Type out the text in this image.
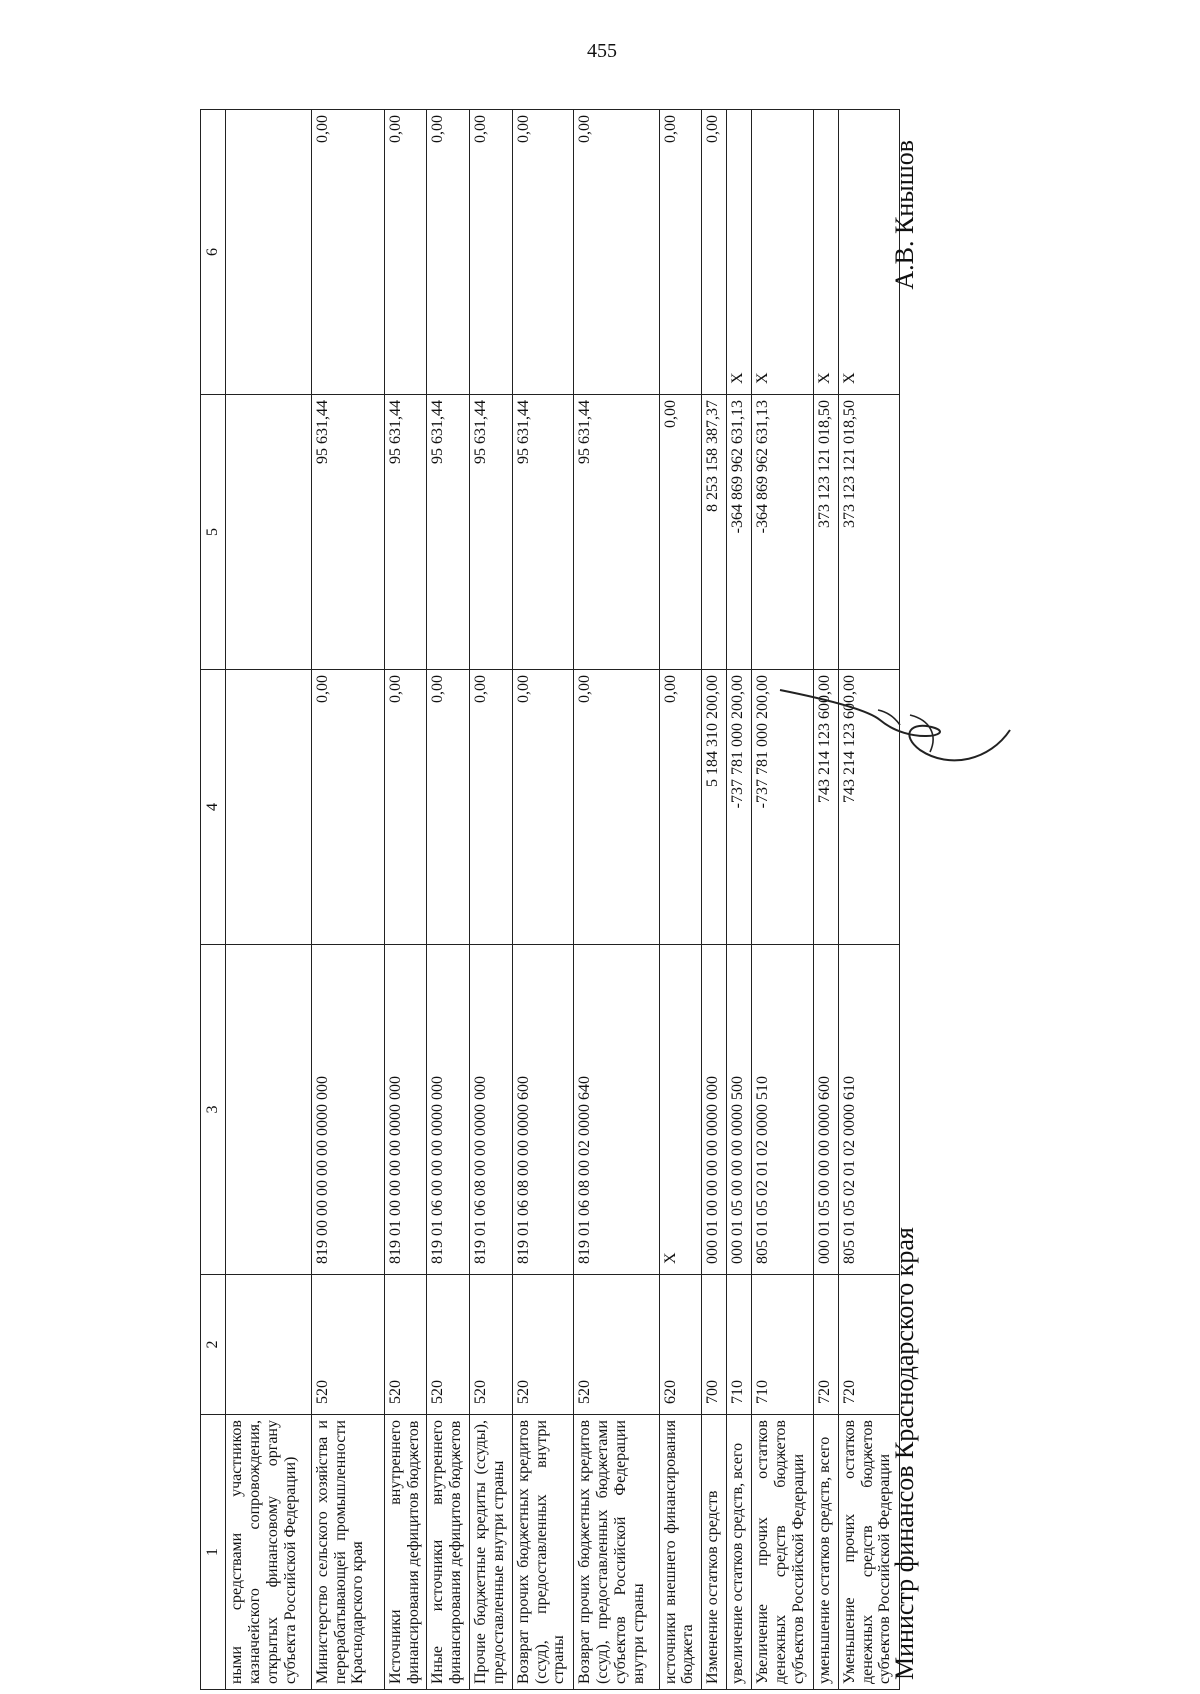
455
1	2	3	4	5	6
ными средствами участников казначейского сопровождения, открытых финансовому органу субъекта Российской Федерации)					
Министерство сельского хозяйства и перерабатывающей промышленности Краснодарского края	520	819 00 00 00 00 00 0000 000	0,00	95 631,44	0,00
Источники внутреннего финансирования дефицитов бюджетов	520	819 01 00 00 00 00 0000 000	0,00	95 631,44	0,00
Иные источники внутреннего финансирования дефицитов бюджетов	520	819 01 06 00 00 00 0000 000	0,00	95 631,44	0,00
Прочие бюджетные кредиты (ссуды), предоставленные внутри страны	520	819 01 06 08 00 00 0000 000	0,00	95 631,44	0,00
Возврат прочих бюджетных кредитов (ссуд), предоставленных внутри страны	520	819 01 06 08 00 00 0000 600	0,00	95 631,44	0,00
Возврат прочих бюджетных кредитов (ссуд), предоставленных бюджетами субъектов Российской Федерации внутри страны	520	819 01 06 08 00 02 0000 640	0,00	95 631,44	0,00
источники внешнего финансирования бюджета	620	X	0,00	0,00	0,00
Изменение остатков средств	700	000 01 00 00 00 00 0000 000	5 184 310 200,00	8 253 158 387,37	0,00
увеличение остатков средств, всего	710	000 01 05 00 00 00 0000 500	-737 781 000 200,00	-364 869 962 631,13	X
Увеличение прочих остатков денежных средств бюджетов субъектов Российской Федерации	710	805 01 05 02 01 02 0000 510	-737 781 000 200,00	-364 869 962 631,13	X
уменьшение остатков средств, всего	720	000 01 05 00 00 00 0000 600	743 214 123 600,00	373 123 121 018,50	X
Уменьшение прочих остатков денежных средств бюджетов субъектов Российской Федерации	720	805 01 05 02 01 02 0000 610	743 214 123 600,00	373 123 121 018,50	X
Министр финансов Краснодарского края
А.В. Кнышов
